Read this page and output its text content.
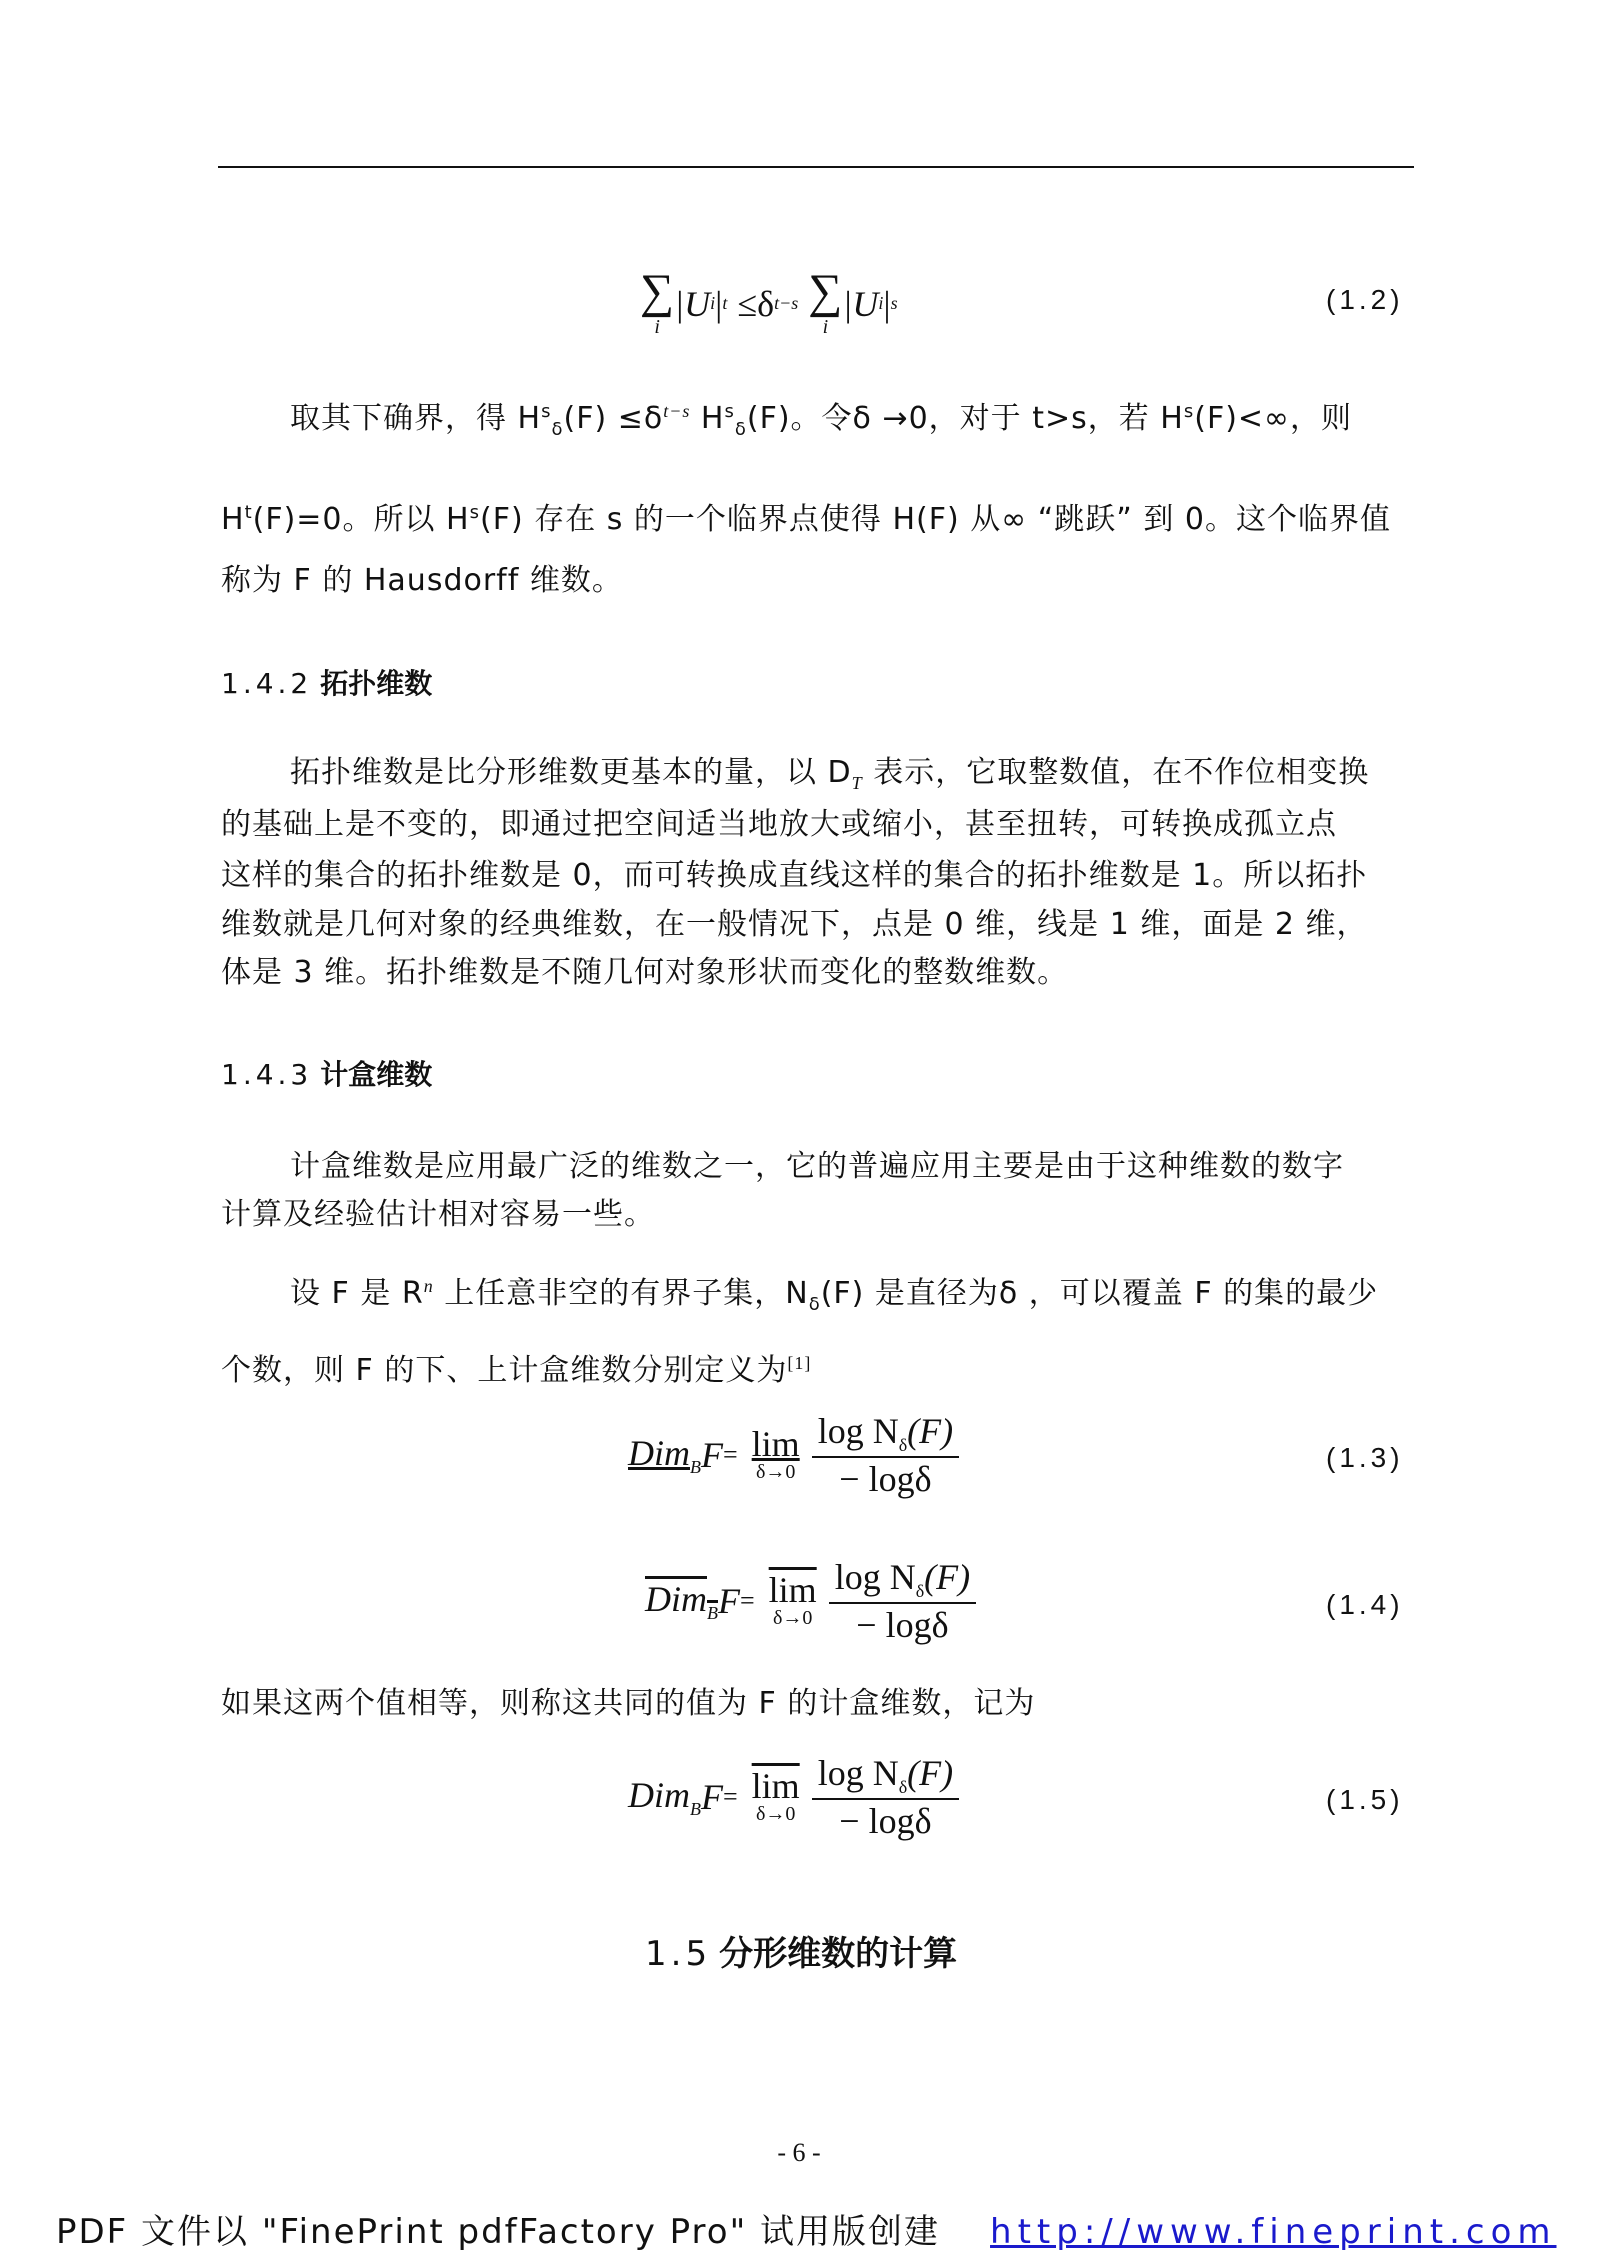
∑
i
|U i | t ≤δ t−s ∑
i
|U i | s	(1.2)
取其下确界，得 $H^s_\delta(F) \le\delta^{t-s}$ $H^s_\delta(F)$。令δ →0，对于 t>s，若 $H^s(F)<\infty$，则
$H^t(F)=0$。所以 $H^s(F)$ 存在 s 的一个临界点使得 H(F) 从∞ “跳跃” 到 0。这个临界值
称为 F 的 Hausdorff 维数。
1.4.2 拓扑维数
拓扑维数是比分形维数更基本的量，以 $D_T$ 表示，它取整数值，在不作位相变换
的基础上是不变的，即通过把空间适当地放大或缩小，甚至扭转，可转换成孤立点
这样的集合的拓扑维数是 0，而可转换成直线这样的集合的拓扑维数是 1。所以拓扑
维数就是几何对象的经典维数，在一般情况下，点是 0 维，线是 1 维，面是 2 维，
体是 3 维。拓扑维数是不随几何对象形状而变化的整数维数。
1.4.3 计盒维数
计盒维数是应用最广泛的维数之一，它的普遍应用主要是由于这种维数的数字
计算及经验估计相对容易一些。
设 F 是 $R^n$ 上任意非空的有界子集，$N_\delta(F)$ 是直径为δ ，可以覆盖 F 的集的最少
个数，则 F 的下、上计盒维数分别定义为[1]
Dim$_B$ F = lim
$\delta\to 0 \frac{\log N_\delta(F)}{- \log\delta}$	(1.3)
Dim$_B$ $F = \overline{lim}$
$\delta\to 0 \frac{\log N_\delta(F)}{- \log\delta}$	(1.4)
如果这两个值相等，则称这共同的值为 F 的计盒维数，记为
Dim$_B$ $F = \overline{lim}$
$\delta\to 0 \frac{\log N_\delta(F)}{- \log\delta}$	(1.5)
1.5 分形维数的计算
- 6 -
PDF 文件以 "FinePrint pdfFactory Pro" 试用版创建 http://www.fineprint.com
